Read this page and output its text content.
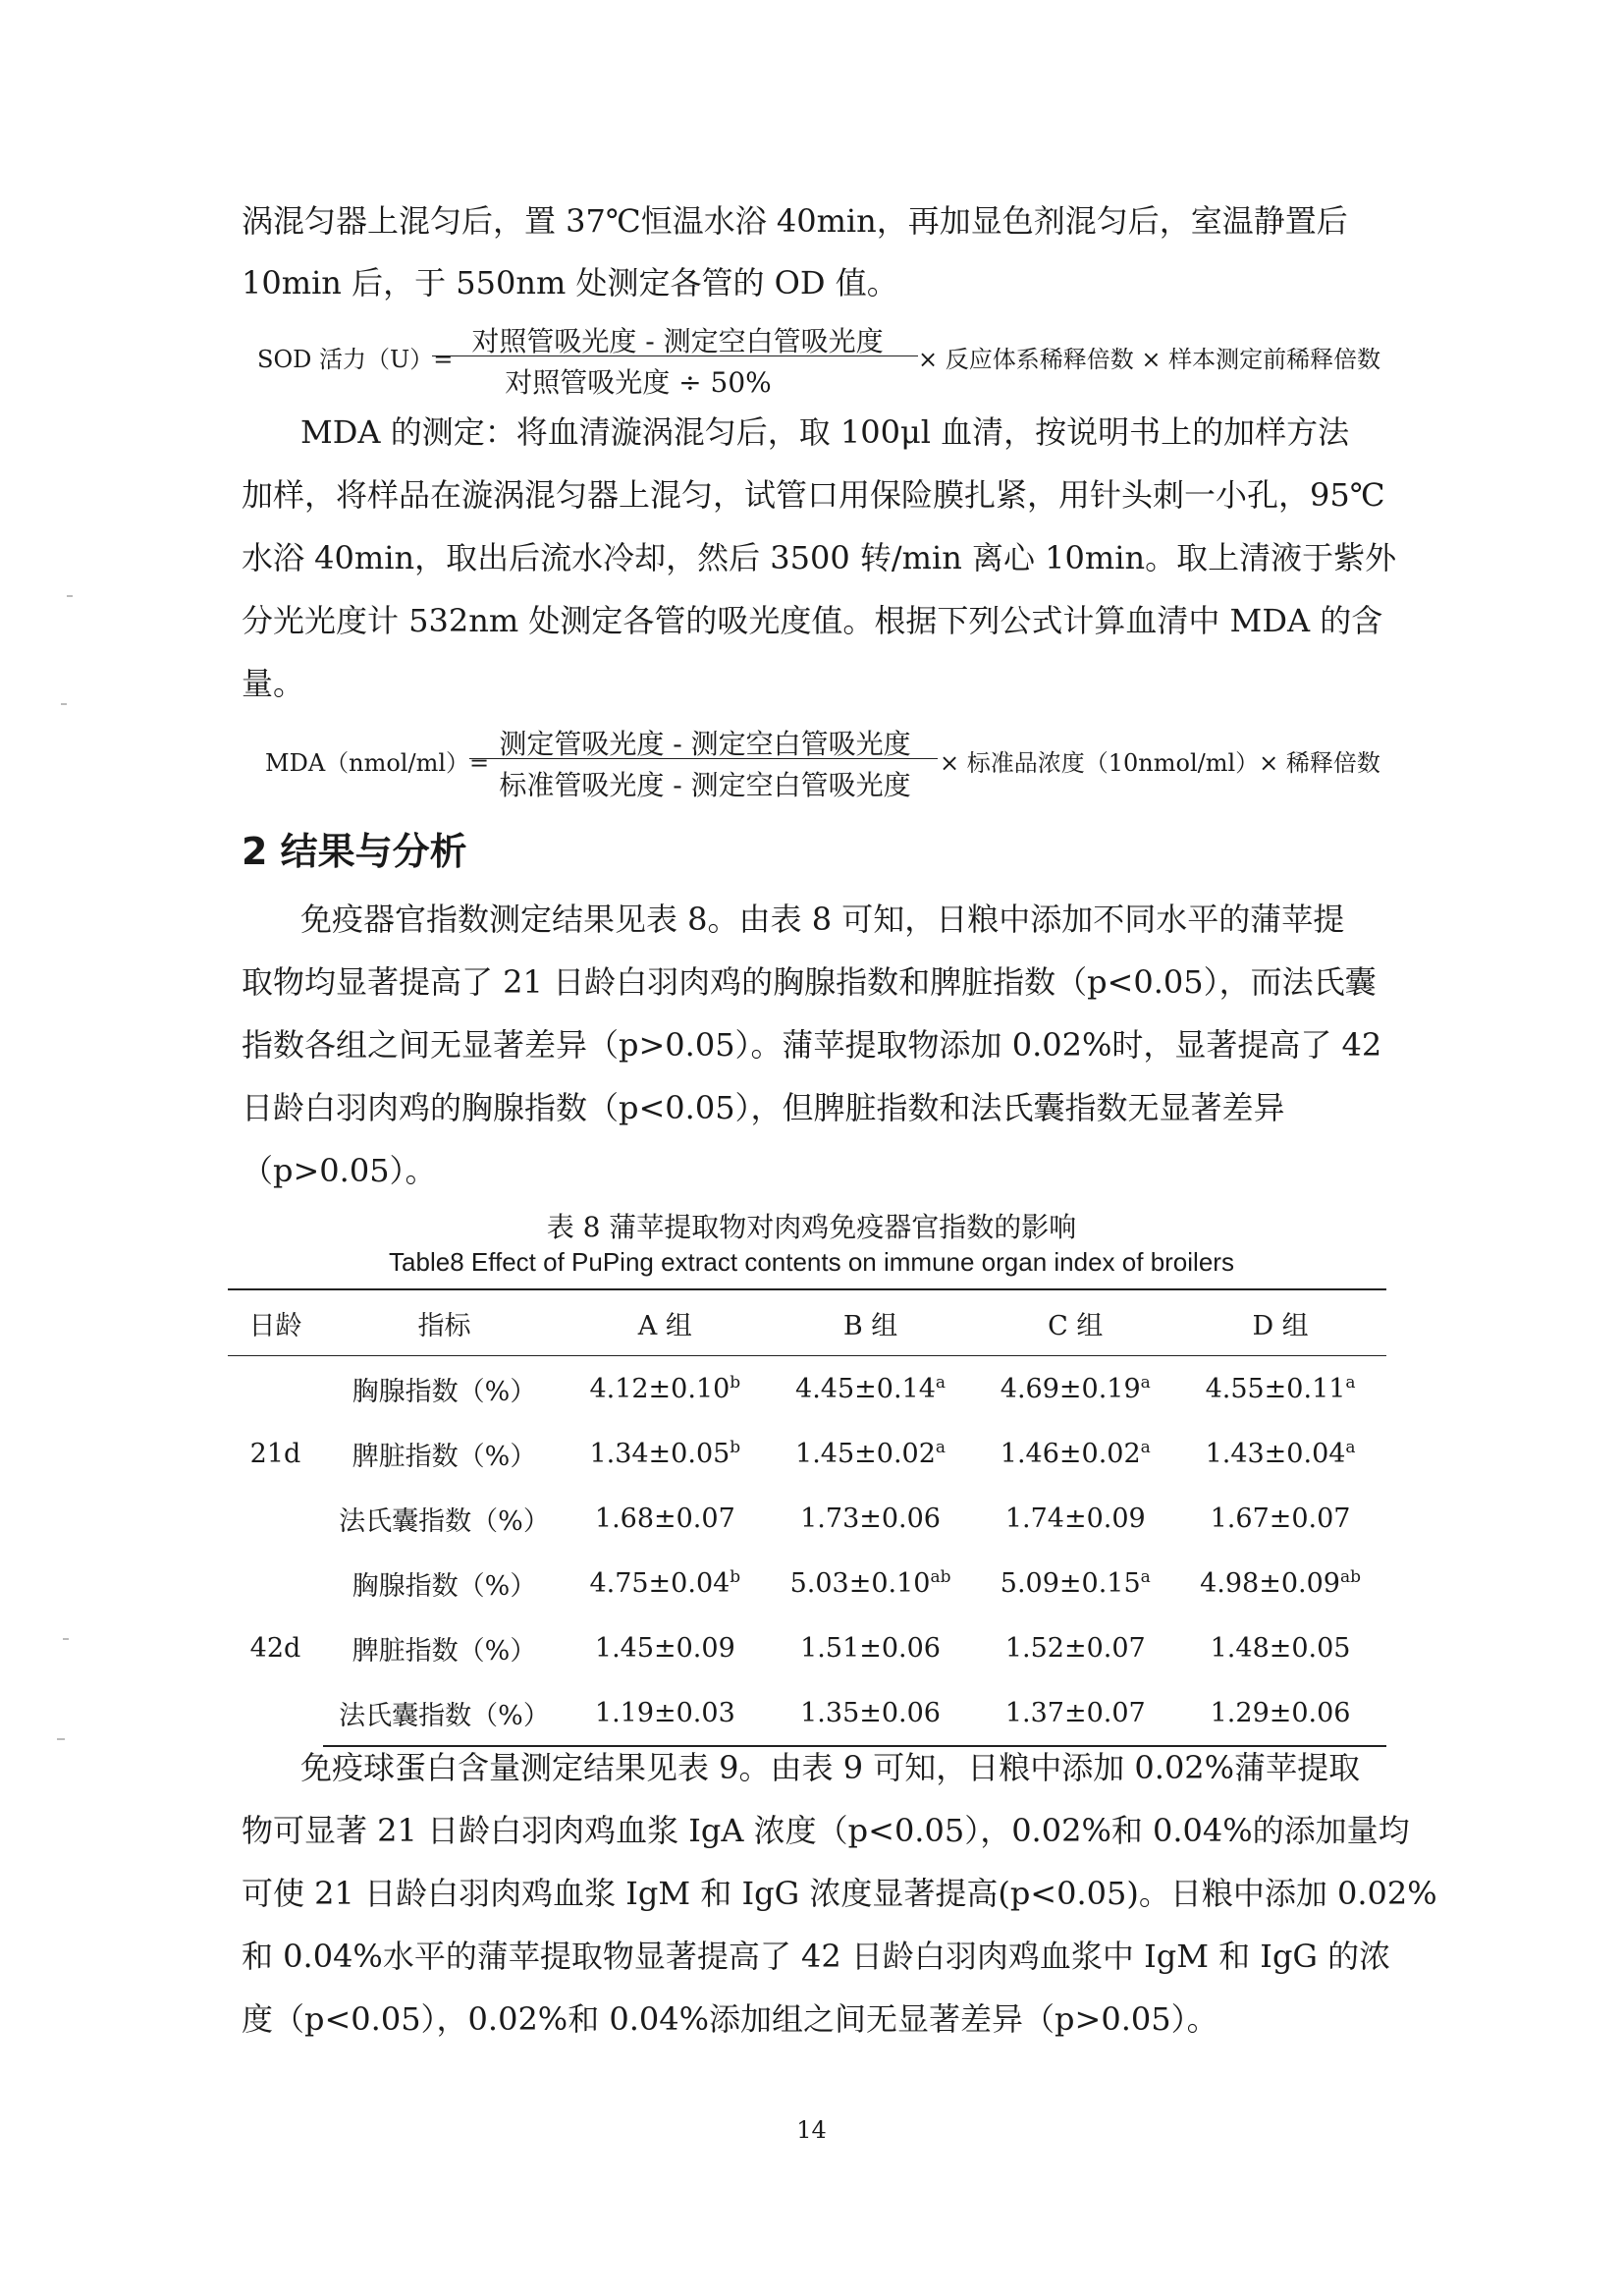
涡混匀器上混匀后，置 37℃恒温水浴 40min，再加显色剂混匀后，室温静置后
10min 后，于 550nm 处测定各管的 OD 值。
SOD 活力（U）=
对照管吸光度 - 测定空白管吸光度
对照管吸光度 ÷ 50%
× 反应体系稀释倍数 × 样本测定前稀释倍数
MDA 的测定：将血清漩涡混匀后，取 100μl 血清，按说明书上的加样方法
加样，将样品在漩涡混匀器上混匀，试管口用保险膜扎紧，用针头刺一小孔，95℃
水浴 40min，取出后流水冷却，然后 3500 转/min 离心 10min。取上清液于紫外
分光光度计 532nm 处测定各管的吸光度值。根据下列公式计算血清中 MDA 的含
量。
MDA（nmol/ml）=
测定管吸光度 - 测定空白管吸光度
标准管吸光度 - 测定空白管吸光度
× 标准品浓度（10nmol/ml）× 稀释倍数
2 结果与分析
免疫器官指数测定结果见表 8。由表 8 可知，日粮中添加不同水平的蒲苹提
取物均显著提高了 21 日龄白羽肉鸡的胸腺指数和脾脏指数（p<0.05），而法氏囊
指数各组之间无显著差异（p>0.05）。蒲苹提取物添加 0.02%时，显著提高了 42
日龄白羽肉鸡的胸腺指数（p<0.05），但脾脏指数和法氏囊指数无显著差异
（p>0.05）。
表 8 蒲苹提取物对肉鸡免疫器官指数的影响
Table8 Effect of PuPing extract contents on immune organ index of broilers
日龄	指标	A 组	B 组	C 组	D 组
21d	胸腺指数（%）	4.12±0.10$^b$	4.45±0.14$^a$	4.69±0.19$^a$	4.55±0.11$^a$
	脾脏指数（%）	1.34±0.05$^b$	1.45±0.02$^a$	1.46±0.02$^a$	1.43±0.04$^a$
	法氏囊指数（%）	1.68±0.07	1.73±0.06	1.74±0.09	1.67±0.07
42d	胸腺指数（%）	4.75±0.04$^b$	5.03±0.10$^{ab}$	5.09±0.15$^a$	4.98±0.09$^{ab}$
	脾脏指数（%）	1.45±0.09	1.51±0.06	1.52±0.07	1.48±0.05
	法氏囊指数（%）	1.19±0.03	1.35±0.06	1.37±0.07	1.29±0.06
免疫球蛋白含量测定结果见表 9。由表 9 可知，日粮中添加 0.02%蒲苹提取
物可显著 21 日龄白羽肉鸡血浆 IgA 浓度（p<0.05），0.02%和 0.04%的添加量均
可使 21 日龄白羽肉鸡血浆 IgM 和 IgG 浓度显著提高(p<0.05)。日粮中添加 0.02%
和 0.04%水平的蒲苹提取物显著提高了 42 日龄白羽肉鸡血浆中 IgM 和 IgG 的浓
度（p<0.05），0.02%和 0.04%添加组之间无显著差异（p>0.05）。
14
